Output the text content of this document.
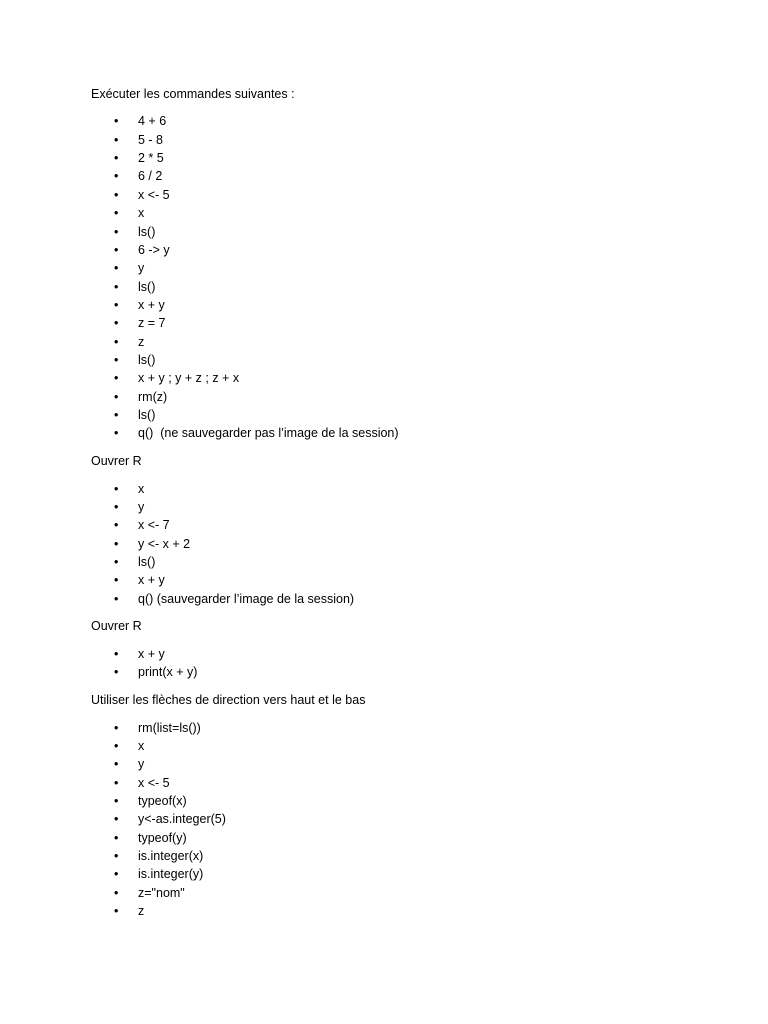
Exécuter les commandes suivantes :

•
4 + 6
•
5 - 8
•
2 * 5
•
6 / 2
•
x <- 5
•
x
•
ls()
•
6 -> y
•
y
•
ls()
•
x + y
•
z = 7
•
z
•
ls()
•
x + y ; y + z ; z + x
•
rm(z)
•
ls()
•
q()  (ne sauvegarder pas l’image de la session)

Ouvrer R

•
x
•
y
•
x <- 7
•
y <- x + 2
•
ls()
•
x + y
•
q() (sauvegarder l’image de la session)

Ouvrer R

•
x + y
•
print(x + y)

Utiliser les flèches de direction vers haut et le bas

•
rm(list=ls())
•
x
•
y
•
x <- 5
•
typeof(x)
•
y<-as.integer(5)
•
typeof(y)
•
is.integer(x)
•
is.integer(y)
•
z="nom"
•
z
